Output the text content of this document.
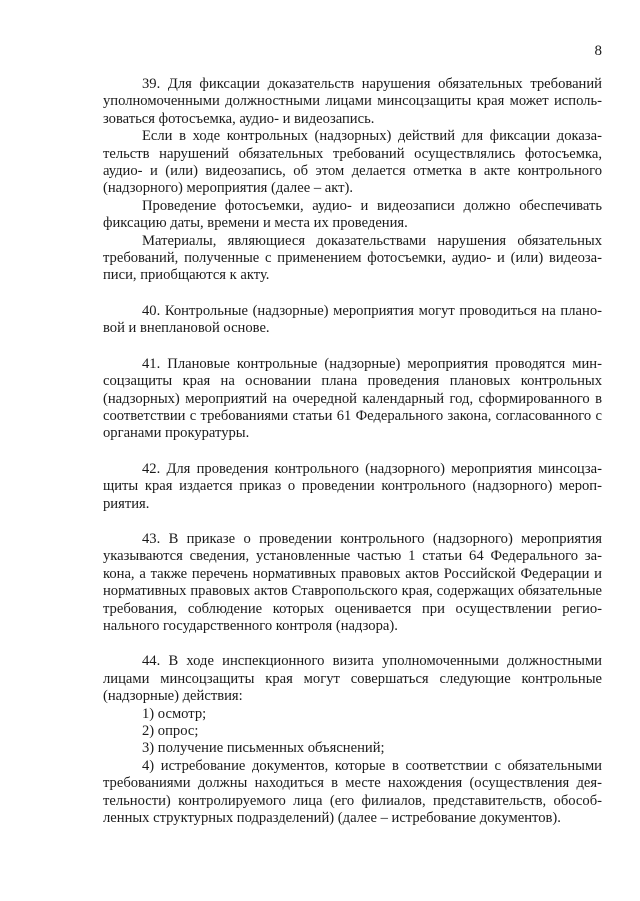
8

39. Для фиксации доказательств нарушения обязательных требований уполномоченными должностными лицами минсоцзащиты края может использоваться фотосъемка, аудио- и видеозапись.

Если в ходе контрольных (надзорных) действий для фиксации доказательств нарушений обязательных требований осуществлялись фотосъемка, аудио- и (или) видеозапись, об этом делается отметка в акте контрольного (надзорного) мероприятия (далее – акт).

Проведение фотосъемки, аудио- и видеозаписи должно обеспечивать фиксацию даты, времени и места их проведения.

Материалы, являющиеся доказательствами нарушения обязательных требований, полученные с применением фотосъемки, аудио- и (или) видеозаписи, приобщаются к акту.

40. Контрольные (надзорные) мероприятия могут проводиться на плановой и внеплановой основе.

41. Плановые контрольные (надзорные) мероприятия проводятся минсоцзащиты края на основании плана проведения плановых контрольных (надзорных) мероприятий на очередной календарный год, сформированного в соответствии с требованиями статьи 61 Федерального закона, согласованного с органами прокуратуры.

42. Для проведения контрольного (надзорного) мероприятия минсоцзащиты края издается приказ о проведении контрольного (надзорного) мероприятия.

43. В приказе о проведении контрольного (надзорного) мероприятия указываются сведения, установленные частью 1 статьи 64 Федерального закона, а также перечень нормативных правовых актов Российской Федерации и нормативных правовых актов Ставропольского края, содержащих обязательные требования, соблюдение которых оценивается при осуществлении регионального государственного контроля (надзора).

44. В ходе инспекционного визита уполномоченными должностными лицами минсоцзащиты края могут совершаться следующие контрольные (надзорные) действия:

1) осмотр;

2) опрос;

3) получение письменных объяснений;

4) истребование документов, которые в соответствии с обязательными требованиями должны находиться в месте нахождения (осуществления деятельности) контролируемого лица (его филиалов, представительств, обособленных структурных подразделений) (далее – истребование документов).
